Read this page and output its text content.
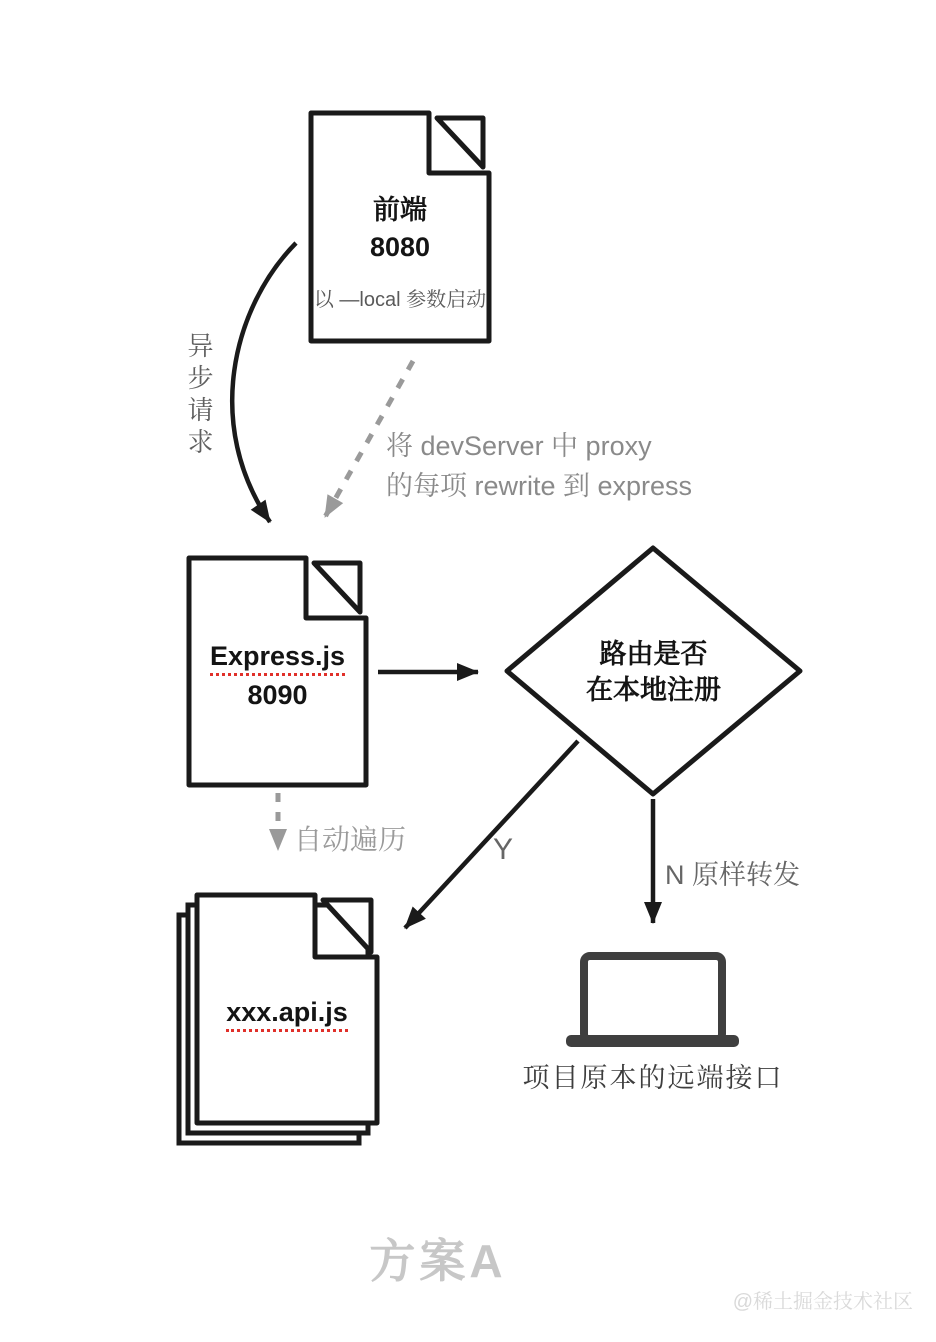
前端
8080
以 —local 参数启动
异步请求	将 devServer 中 proxy
的每项 rewrite 到 express
Express.js
8090
路由是否
在本地注册
自动遍历	Y
N 原样转发
xxx.api.js
项目原本的远端接口
方案A
@稀土掘金技术社区
